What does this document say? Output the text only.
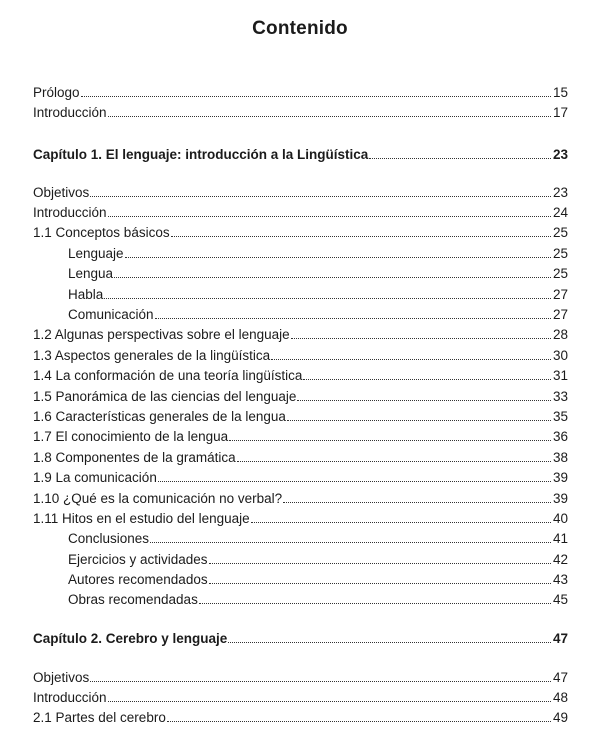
Contenido
Prólogo	15
Introducción	17
Capítulo 1. El lenguaje: introducción a la Lingüística	23
Objetivos	23
Introducción	24
1.1 Conceptos básicos	25
Lenguaje	25
Lengua	25
Habla	27
Comunicación	27
1.2 Algunas perspectivas sobre el lenguaje	28
1.3 Aspectos generales de la lingüística	30
1.4 La conformación de una teoría lingüística	31
1.5 Panorámica de las ciencias del lenguaje	33
1.6 Características generales de la lengua	35
1.7 El conocimiento de la lengua	36
1.8 Componentes de la gramática	38
1.9 La comunicación	39
1.10 ¿Qué es la comunicación no verbal?	39
1.11 Hitos en el estudio del lenguaje	40
Conclusiones	41
Ejercicios y actividades	42
Autores recomendados	43
Obras recomendadas	45
Capítulo 2. Cerebro y lenguaje	47
Objetivos	47
Introducción	48
2.1 Partes del cerebro	49
